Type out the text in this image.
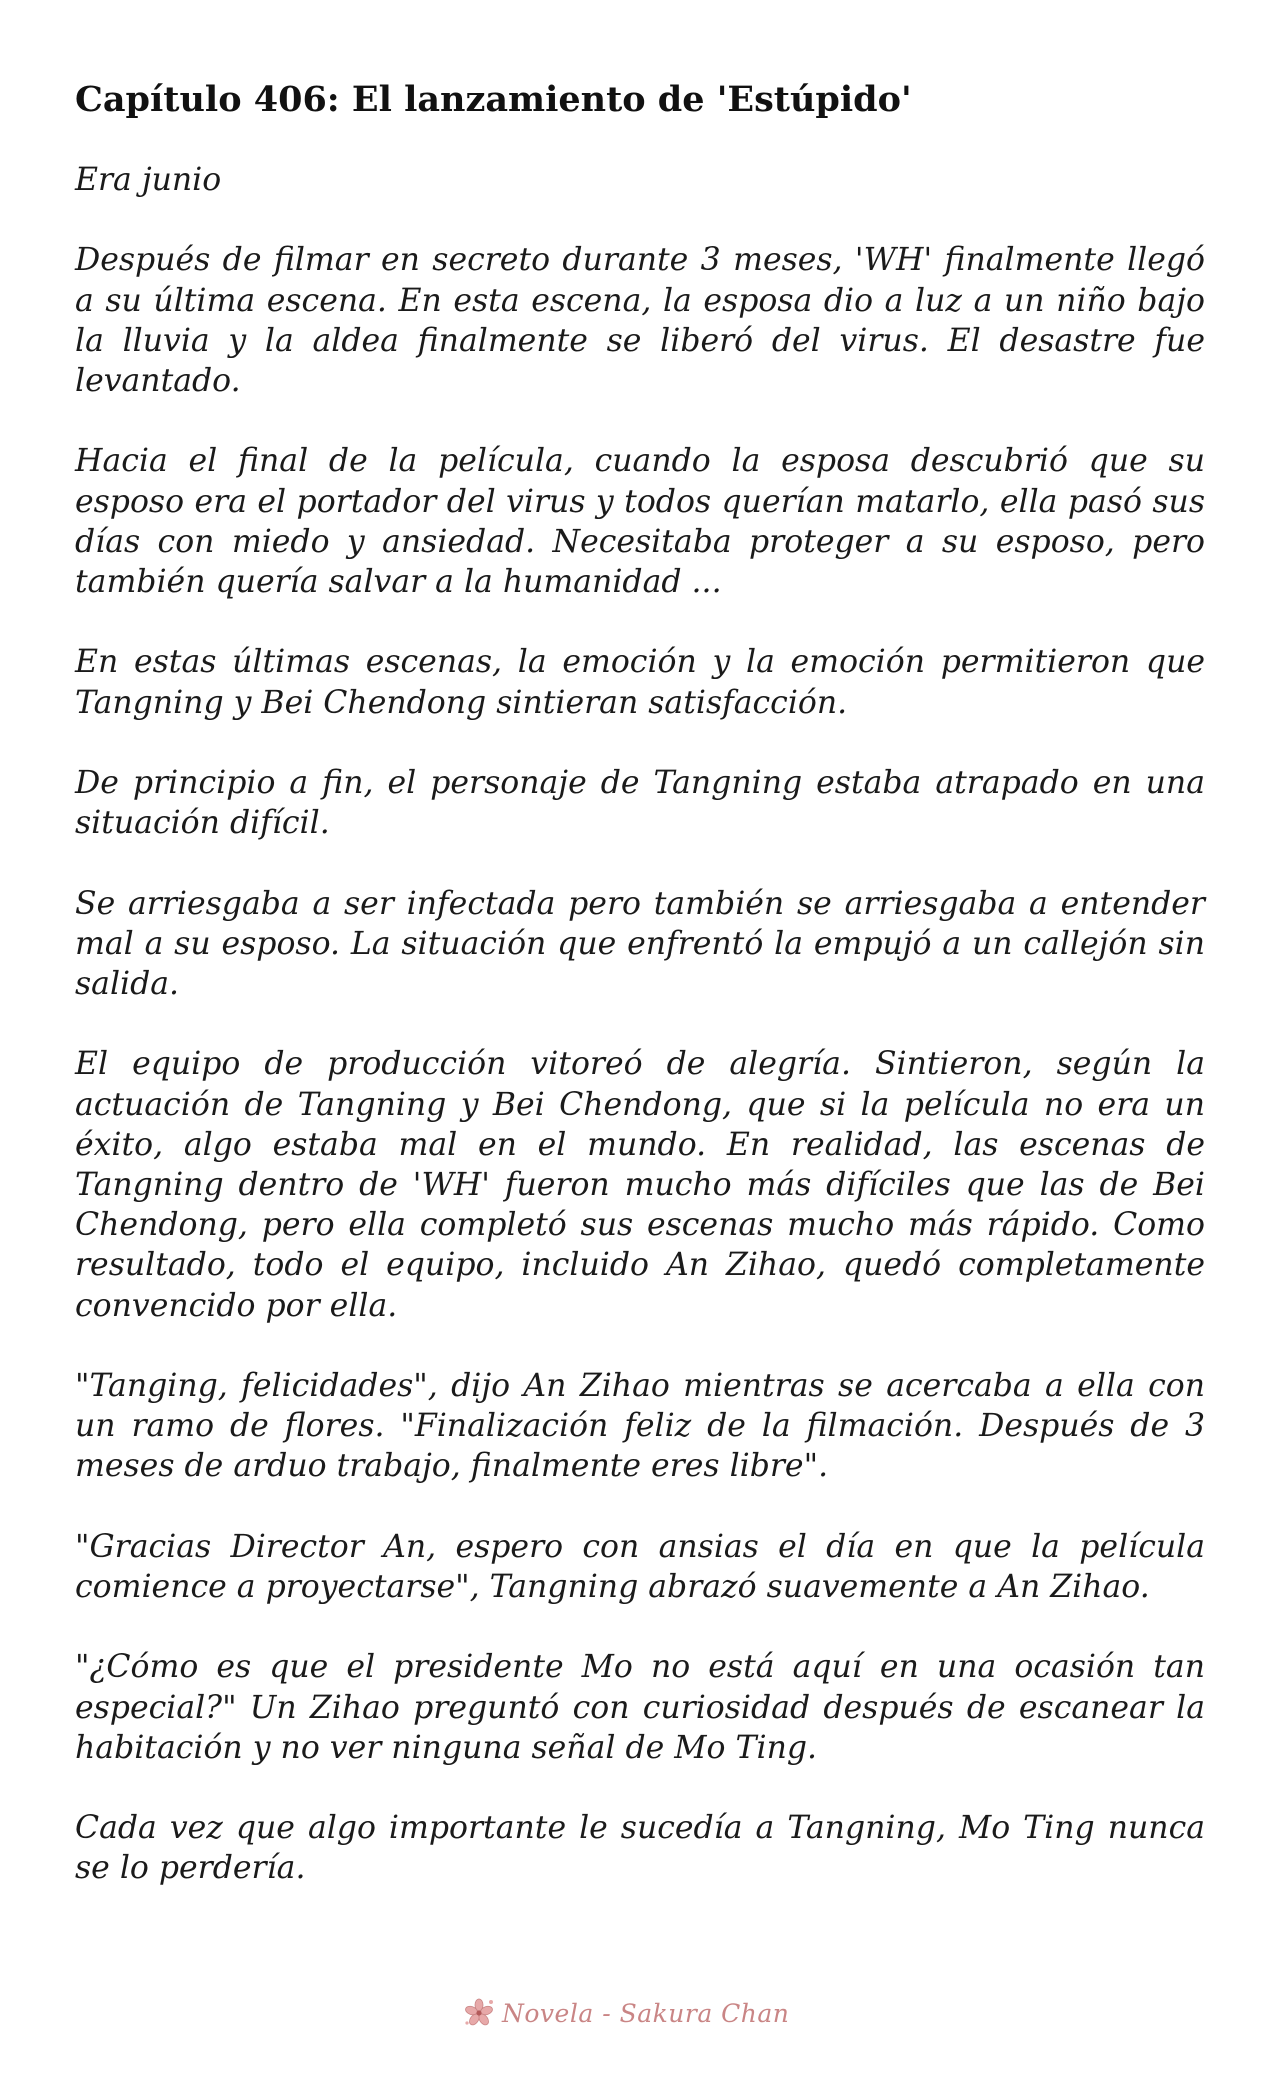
Capítulo 406: El lanzamiento de 'Estúpido'

Era junio

Después de filmar en secreto durante 3 meses, 'WH' finalmente llegó a su última escena. En esta escena, la esposa dio a luz a un niño bajo la lluvia y la aldea finalmente se liberó del virus. El desastre fue levantado.

Hacia el final de la película, cuando la esposa descubrió que su esposo era el portador del virus y todos querían matarlo, ella pasó sus días con miedo y ansiedad. Necesitaba proteger a su esposo, pero también quería salvar a la humanidad ...

En estas últimas escenas, la emoción y la emoción permitieron que Tangning y Bei Chendong sintieran satisfacción.

De principio a fin, el personaje de Tangning estaba atrapado en una situación difícil.

Se arriesgaba a ser infectada pero también se arriesgaba a entender mal a su esposo. La situación que enfrentó la empujó a un callejón sin salida.

El equipo de producción vitoreó de alegría. Sintieron, según la actuación de Tangning y Bei Chendong, que si la película no era un éxito, algo estaba mal en el mundo. En realidad, las escenas de Tangning dentro de 'WH' fueron mucho más difíciles que las de Bei Chendong, pero ella completó sus escenas mucho más rápido. Como resultado, todo el equipo, incluido An Zihao, quedó completamente convencido por ella.

"Tanging, felicidades", dijo An Zihao mientras se acercaba a ella con un ramo de flores. "Finalización feliz de la filmación. Después de 3 meses de arduo trabajo, finalmente eres libre".

"Gracias Director An, espero con ansias el día en que la película comience a proyectarse", Tangning abrazó suavemente a An Zihao.

"¿Cómo es que el presidente Mo no está aquí en una ocasión tan especial?" Un Zihao preguntó con curiosidad después de escanear la habitación y no ver ninguna señal de Mo Ting.

Cada vez que algo importante le sucedía a Tangning, Mo Ting nunca se lo perdería.

Novela - Sakura Chan
